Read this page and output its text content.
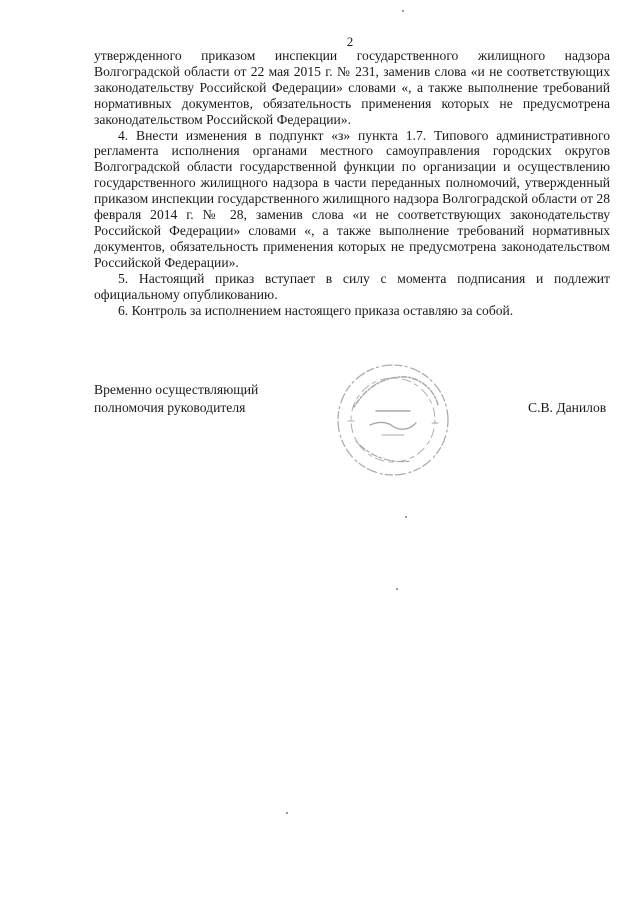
2

утвержденного приказом инспекции государственного жилищного надзора Волгоградской области от 22 мая 2015 г. № 231, заменив слова «и не соответствующих законодательству Российской Федерации» словами «, а также выполнение требований нормативных документов, обязательность применения которых не предусмотрена законодательством Российской Федерации».

4. Внести изменения в подпункт «з» пункта 1.7. Типового административного регламента исполнения органами местного самоуправления городских округов Волгоградской области государственной функции по организации и осуществлению государственного жилищного надзора в части переданных полномочий, утвержденный приказом инспекции государственного жилищного надзора Волгоградской области от 28 февраля 2014 г. № 28, заменив слова «и не соответствующих законодательству Российской Федерации» словами «, а также выполнение требований нормативных документов, обязательность применения которых не предусмотрена законодательством Российской Федерации».

5. Настоящий приказ вступает в силу с момента подписания и подлежит официальному опубликованию.

6. Контроль за исполнением настоящего приказа оставляю за собой.

Временно осуществляющий
полномочия руководителя	С.В. Данилов
